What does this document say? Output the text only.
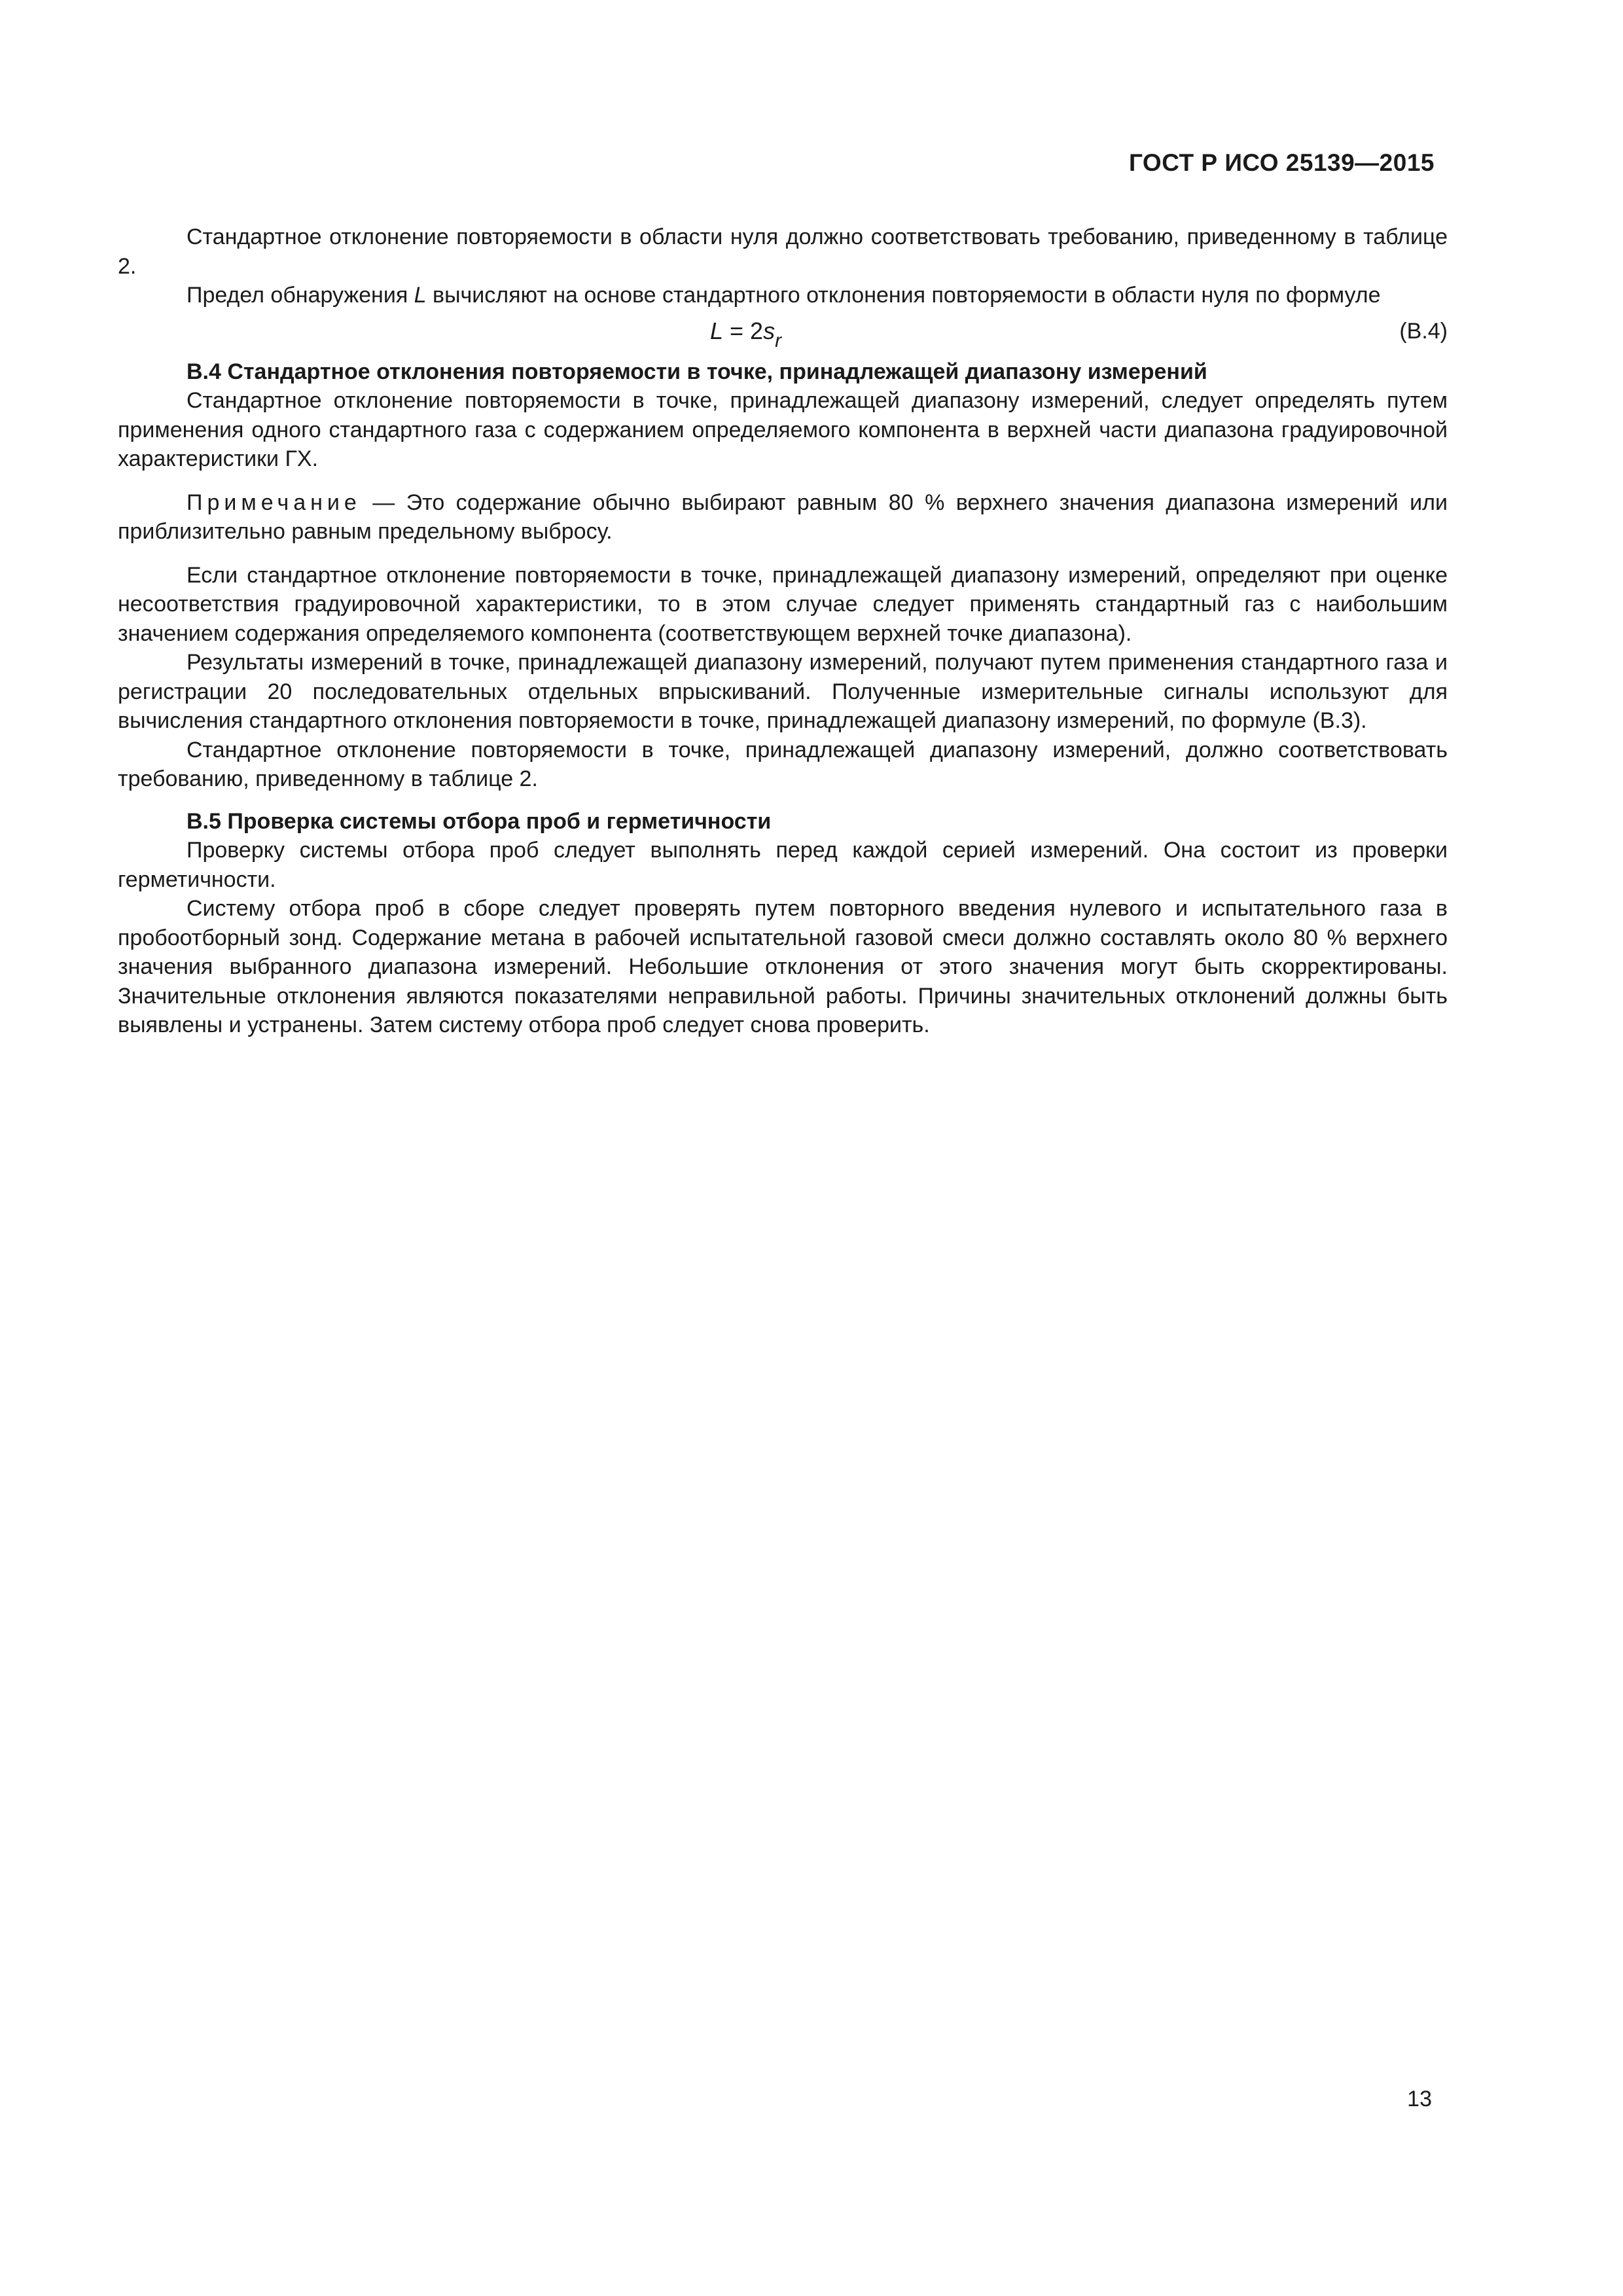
ГОСТ Р ИСО 25139—2015

Стандартное отклонение повторяемости в области нуля должно соответствовать требованию, приведенному в таблице 2.

Предел обнаружения L вычисляют на основе стандартного отклонения повторяемости в области нуля по формуле

$L = 2s_r$	(В.4)

В.4 Стандартное отклонения повторяемости в точке, принадлежащей диапазону измерений

Стандартное отклонение повторяемости в точке, принадлежащей диапазону измерений, следует определять путем применения одного стандартного газа с содержанием определяемого компонента в верхней части диапазона градуировочной характеристики ГХ.

Примечание — Это содержание обычно выбирают равным 80 % верхнего значения диапазона измерений или приблизительно равным предельному выбросу.

Если стандартное отклонение повторяемости в точке, принадлежащей диапазону измерений, определяют при оценке несоответствия градуировочной характеристики, то в этом случае следует применять стандартный газ с наибольшим значением содержания определяемого компонента (соответствующем верхней точке диапазона).

Результаты измерений в точке, принадлежащей диапазону измерений, получают путем применения стандартного газа и регистрации 20 последовательных отдельных впрыскиваний. Полученные измерительные сигналы используют для вычисления стандартного отклонения повторяемости в точке, принадлежащей диапазону измерений, по формуле (В.3).

Стандартное отклонение повторяемости в точке, принадлежащей диапазону измерений, должно соответствовать требованию, приведенному в таблице 2.

В.5 Проверка системы отбора проб и герметичности

Проверку системы отбора проб следует выполнять перед каждой серией измерений. Она состоит из проверки герметичности.

Систему отбора проб в сборе следует проверять путем повторного введения нулевого и испытательного газа в пробоотборный зонд. Содержание метана в рабочей испытательной газовой смеси должно составлять около 80 % верхнего значения выбранного диапазона измерений. Небольшие отклонения от этого значения могут быть скорректированы. Значительные отклонения являются показателями неправильной работы. Причины значительных отклонений должны быть выявлены и устранены. Затем систему отбора проб следует снова проверить.

13
